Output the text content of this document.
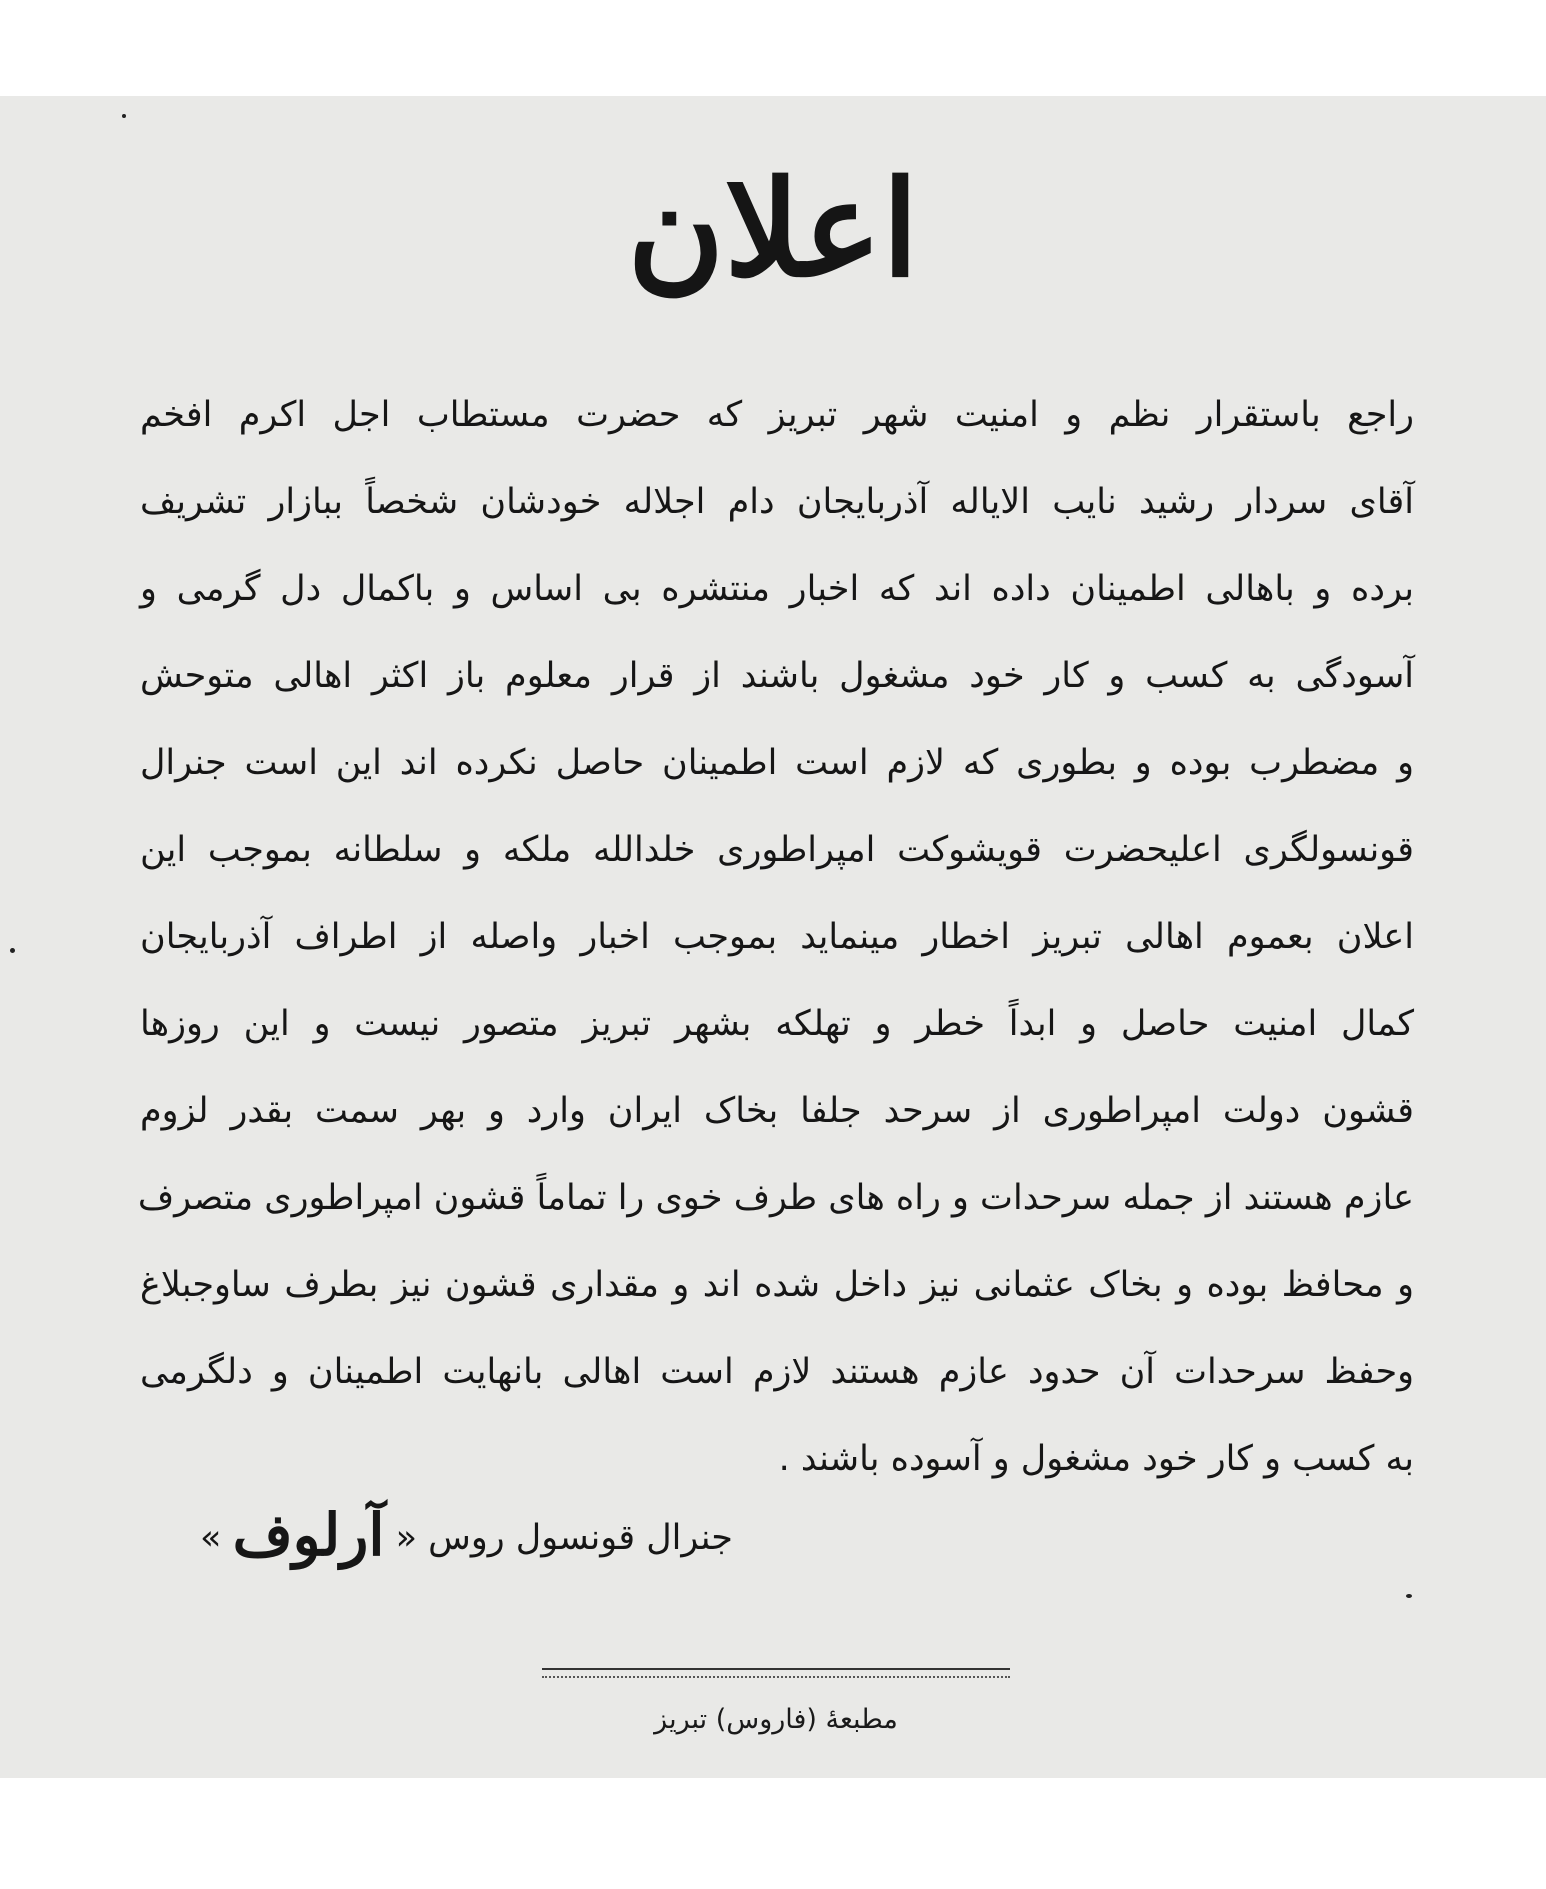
اعلان
راجع باستقرار نظم و امنیت شهر تبریز که حضرت مستطاب اجل اکرم افخم
آقای سردار رشید نایب الایاله آذربایجان دام اجلاله خودشان شخصاً ببازار تشریف
برده و باهالی اطمینان داده اند که اخبار منتشره بی اساس و باکمال دل گرمی و
آسودگی به کسب و کار خود مشغول باشند از قرار معلوم باز اکثر اهالی متوحش
و مضطرب بوده و بطوری که لازم است اطمینان حاصل نکرده اند این است جنرال
قونسولگری اعلیحضرت قویشوکت امپراطوری خلدالله ملکه و سلطانه بموجب این
اعلان بعموم اهالی تبریز اخطار مینماید بموجب اخبار واصله از اطراف آذربایجان
کمال امنیت حاصل و ابداً خطر و تهلکه بشهر تبریز متصور نیست و این روزها
قشون دولت امپراطوری از سرحد جلفا بخاک ایران وارد و بهر سمت بقدر لزوم
عازم هستند از جمله سرحدات و راه های طرف خوی را تماماً قشون امپراطوری متصرف
و محافظ بوده و بخاک عثمانی نیز داخل شده اند و مقداری قشون نیز بطرف ساوجبلاغ
وحفظ سرحدات آن حدود عازم هستند لازم است اهالی بانهایت اطمینان و دلگرمی
به کسب و کار خود مشغول و آسوده باشند .
جنرال قونسول روس « آرلوف »
مطبعهٔ (فاروس) تبریز
